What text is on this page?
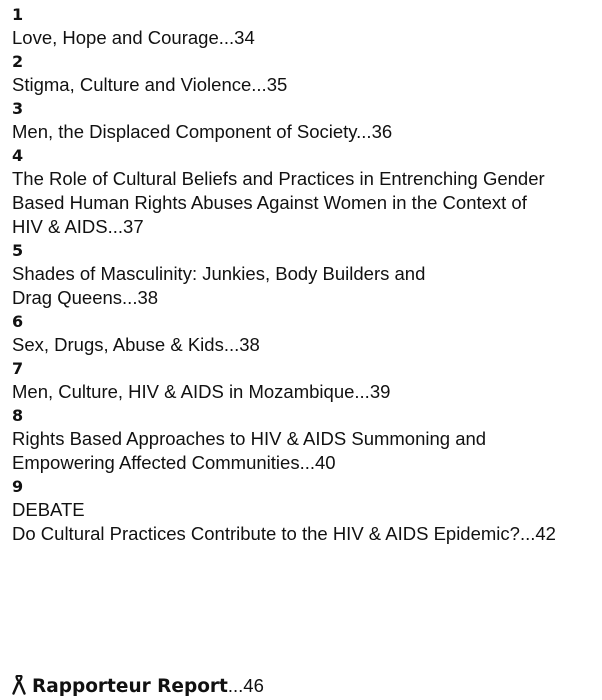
1
Love, Hope and Courage...34
2
Stigma, Culture and Violence...35
3
Men, the Displaced Component of Society...36
4
The Role of Cultural Beliefs and Practices in Entrenching Gender
Based Human Rights Abuses Against Women in the Context of
HIV & AIDS...37
5
Shades of Masculinity: Junkies, Body Builders and
Drag Queens...38
6
Sex, Drugs, Abuse & Kids...38
7
Men, Culture, HIV & AIDS in Mozambique...39
8
Rights Based Approaches to HIV & AIDS Summoning and
Empowering Affected Communities...40
9
DEBATE
Do Cultural Practices Contribute to the HIV & AIDS Epidemic?...42
Rapporteur Report...46
